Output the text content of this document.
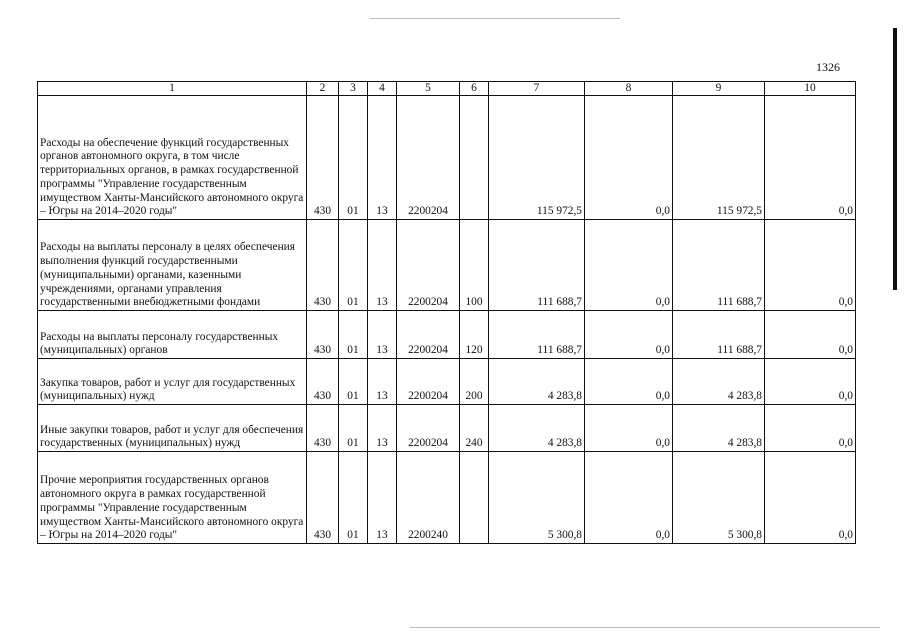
1326
1	2	3	4	5	6	7	8	9	10
Расходы на обеспечение функций государственных органов автономного округа, в том числе территориальных органов, в рамках государственной программы "Управление государственным имуществом Ханты-Мансийского автономного округа – Югры на 2014–2020 годы"	430	01	13	2200204		115 972,5	0,0	115 972,5	0,0
Расходы на выплаты персоналу в целях обеспечения выполнения функций государственными (муниципальными) органами, казенными учреждениями, органами управления государственными внебюджетными фондами	430	01	13	2200204	100	111 688,7	0,0	111 688,7	0,0
Расходы на выплаты персоналу государственных (муниципальных) органов	430	01	13	2200204	120	111 688,7	0,0	111 688,7	0,0
Закупка товаров, работ и услуг для государственных (муниципальных) нужд	430	01	13	2200204	200	4 283,8	0,0	4 283,8	0,0
Иные закупки товаров, работ и услуг для обеспечения государственных (муниципальных) нужд	430	01	13	2200204	240	4 283,8	0,0	4 283,8	0,0
Прочие мероприятия государственных органов автономного округа в рамках государственной программы "Управление государственным имуществом Ханты-Мансийского автономного округа – Югры на 2014–2020 годы"	430	01	13	2200240		5 300,8	0,0	5 300,8	0,0
